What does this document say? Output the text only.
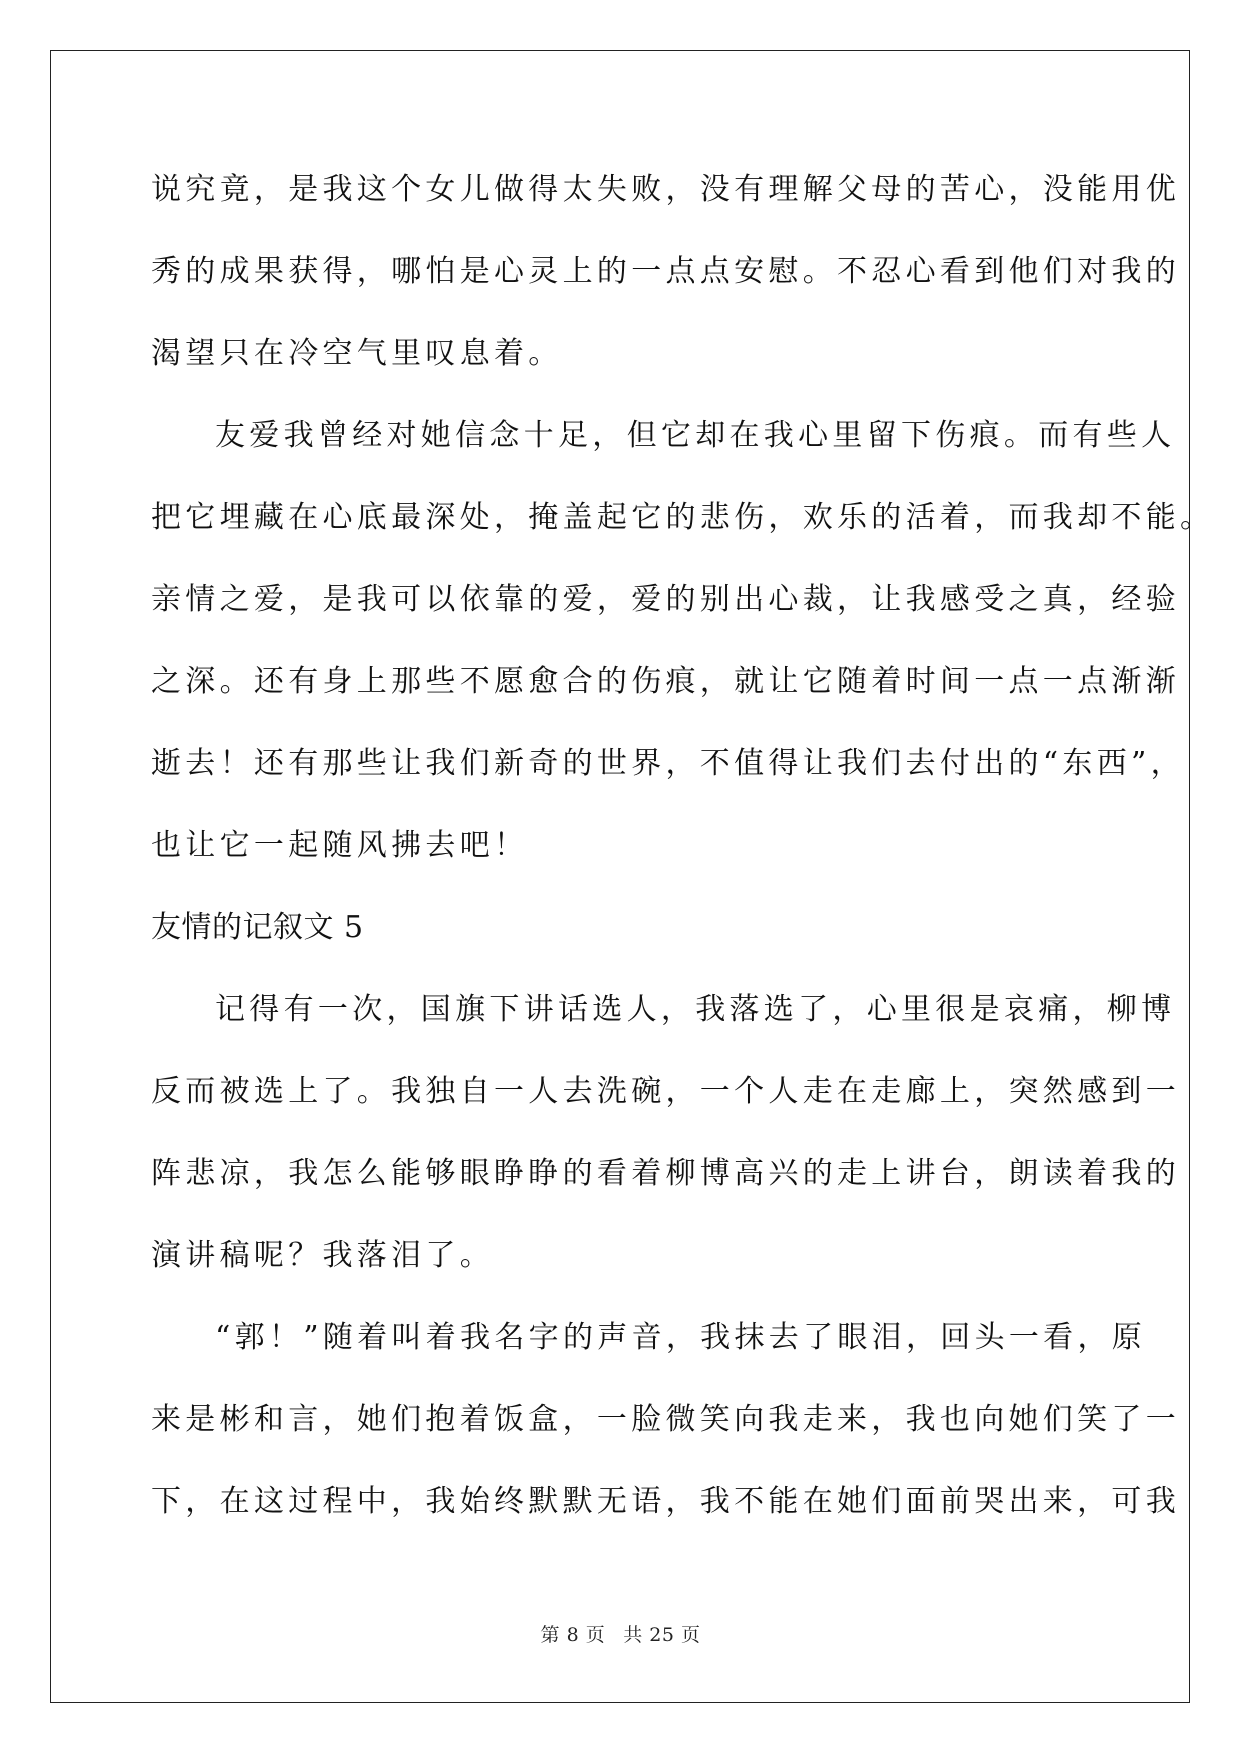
说究竟，是我这个女儿做得太失败，没有理解父母的苦心，没能用优
秀的成果获得，哪怕是心灵上的一点点安慰。不忍心看到他们对我的
渴望只在冷空气里叹息着。
友爱我曾经对她信念十足，但它却在我心里留下伤痕。而有些人
把它埋藏在心底最深处，掩盖起它的悲伤，欢乐的活着，而我却不能。
亲情之爱，是我可以依靠的爱，爱的别出心裁，让我感受之真，经验
之深。还有身上那些不愿愈合的伤痕，就让它随着时间一点一点渐渐
逝去！还有那些让我们新奇的世界，不值得让我们去付出的“东西”，
也让它一起随风拂去吧！
友情的记叙文 5
记得有一次，国旗下讲话选人，我落选了，心里很是哀痛，柳博
反而被选上了。我独自一人去洗碗，一个人走在走廊上，突然感到一
阵悲凉，我怎么能够眼睁睁的看着柳博高兴的走上讲台，朗读着我的
演讲稿呢？我落泪了。
“郭！”随着叫着我名字的声音，我抹去了眼泪，回头一看，原
来是彬和言，她们抱着饭盒，一脸微笑向我走来，我也向她们笑了一
下，在这过程中，我始终默默无语，我不能在她们面前哭出来，可我
第 8 页 共 25 页
